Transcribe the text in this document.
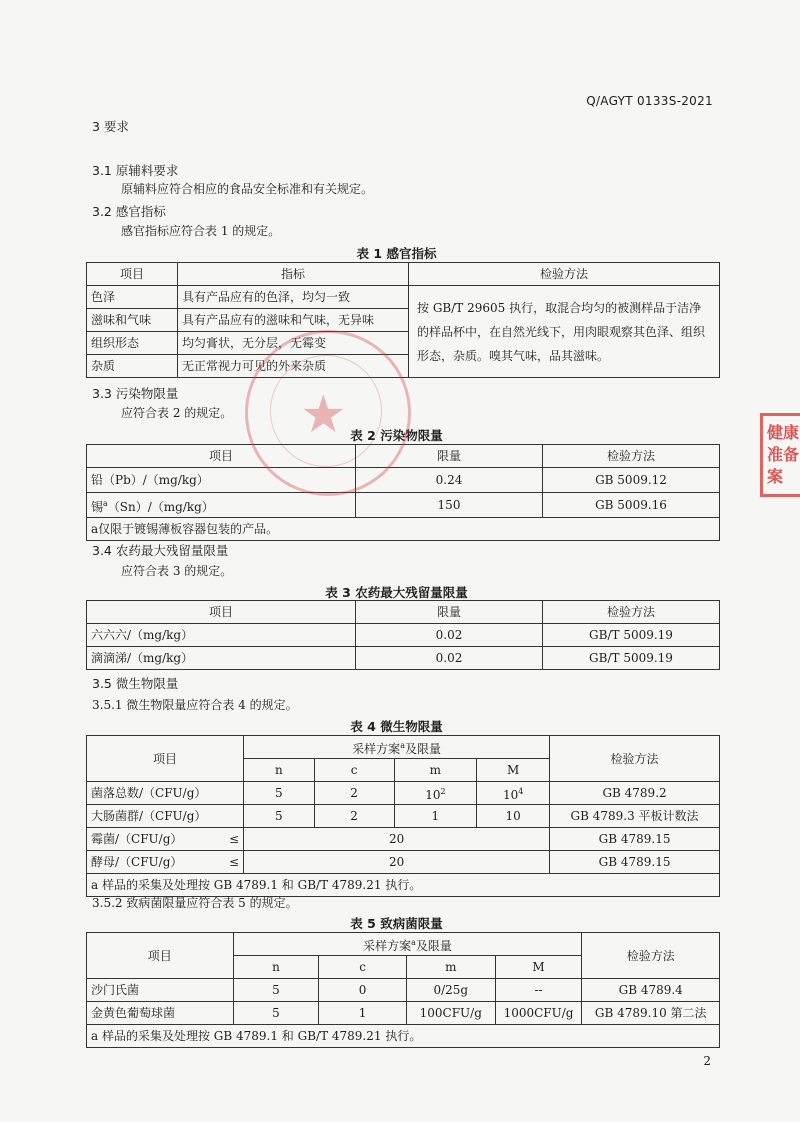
Q/AGYT 0133S-2021
3 要求
3.1 原辅料要求
原辅料应符合相应的食品安全标准和有关规定。
3.2 感官指标
感官指标应符合表 1 的规定。
表 1 感官指标
项目	指标	检验方法
色泽	具有产品应有的色泽，均匀一致	按 GB/T 29605 执行，取混合均匀的被测样品于洁净的样品杯中，在自然光线下，用肉眼观察其色泽、组织形态，杂质。嗅其气味，品其滋味。
滋味和气味	具有产品应有的滋味和气味，无异味	
组织形态	均匀膏状，无分层，无霉变	
杂质	无正常视力可见的外来杂质	
3.3 污染物限量
应符合表 2 的规定。
表 2 污染物限量
项目	限量	检验方法
铅（Pb）/（mg/kg）	0.24	GB 5009.12
锡$^a$（Sn）/（mg/kg）	150	GB 5009.16
a仅限于镀锡薄板容器包装的产品。		
3.4 农药最大残留量限量
应符合表 3 的规定。
表 3 农药最大残留量限量
项目	限量	检验方法
六六六/（mg/kg）	0.02	GB/T 5009.19
滴滴涕/（mg/kg）	0.02	GB/T 5009.19
3.5 微生物限量
3.5.1 微生物限量应符合表 4 的规定。
表 4 微生物限量
项目	采样方案$^a$及限量				检验方法
	n	c	m	M	
菌落总数/（CFU/g）	5	2	$10^2$	$10^4$	GB 4789.2
大肠菌群/（CFU/g）	5	2	1	10	GB 4789.3 平板计数法
霉菌/（CFU/g） ≤	20				GB 4789.15
酵母/（CFU/g） ≤	20				GB 4789.15
a 样品的采集及处理按 GB 4789.1 和 GB/T 4789.21 执行。					
3.5.2 致病菌限量应符合表 5 的规定。
表 5 致病菌限量
项目	采样方案$^a$及限量				检验方法
	n	c	m	M	
沙门氏菌	5	0	0/25g	--	GB 4789.4
金黄色葡萄球菌	5	1	100CFU/g	1000CFU/g	GB 4789.10 第二法
a 样品的采集及处理按 GB 4789.1 和 GB/T 4789.21 执行。					
★	健康
准备案
2
